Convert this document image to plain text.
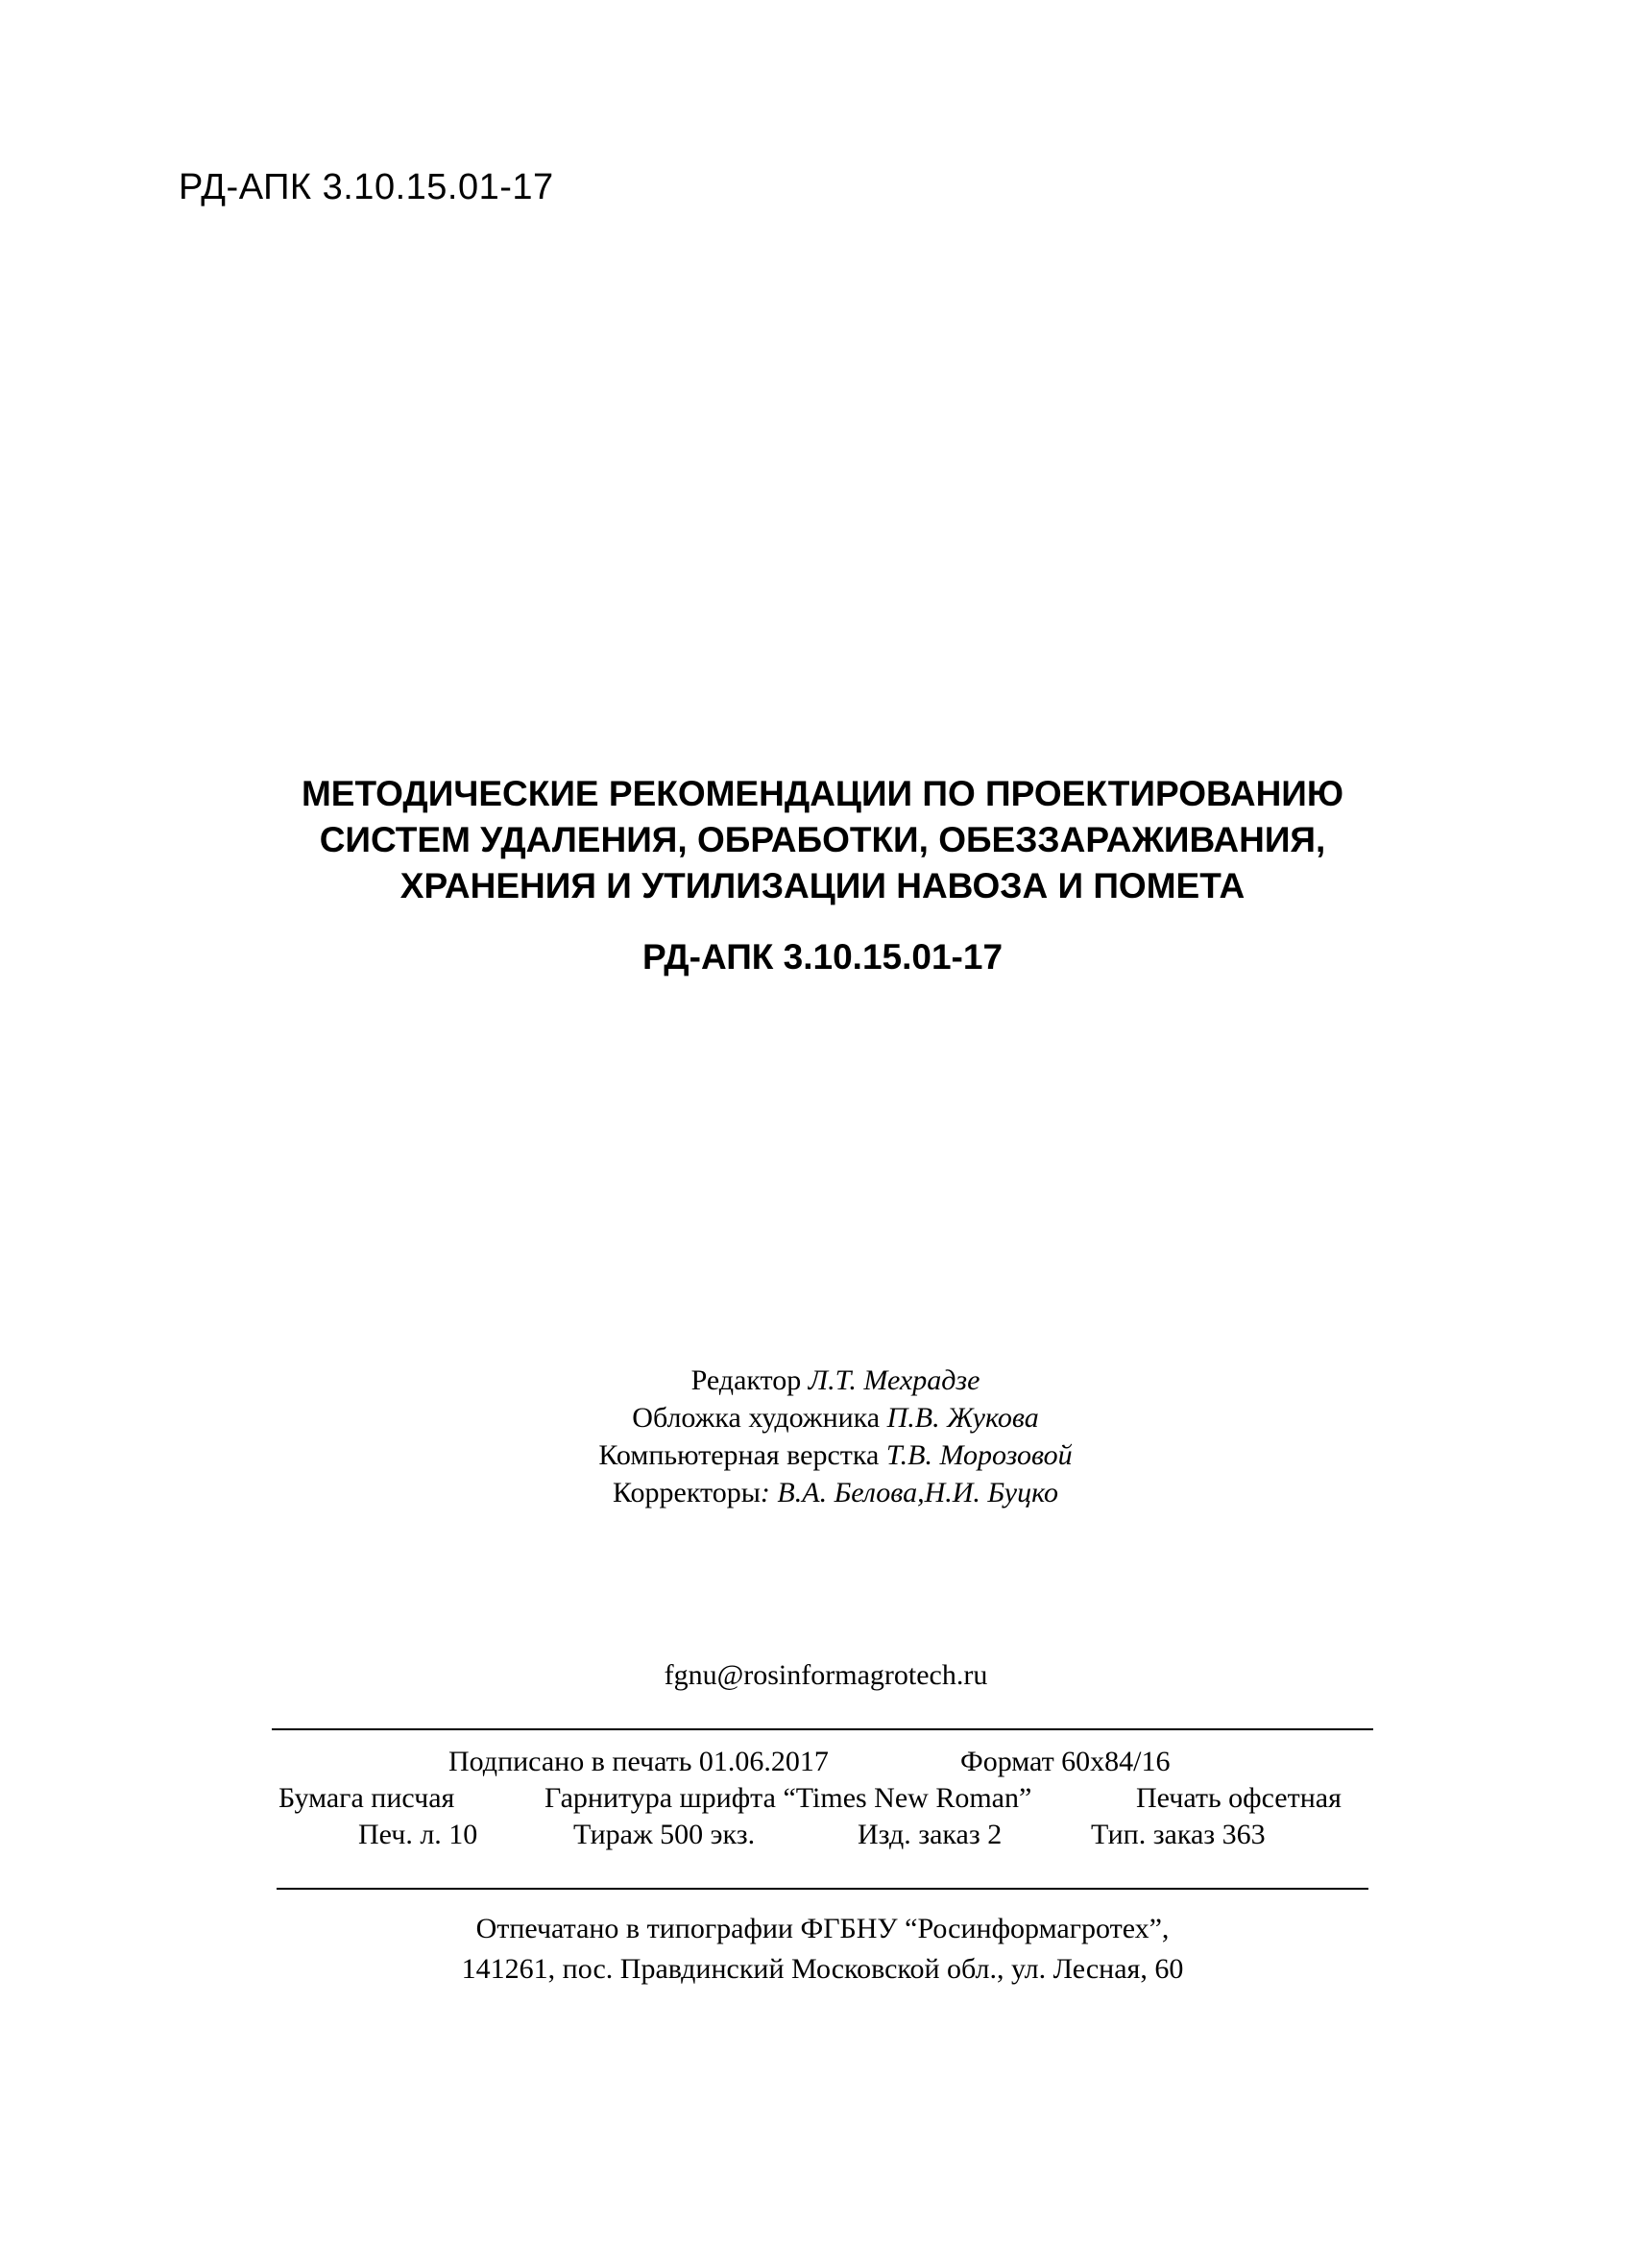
РД-АПК 3.10.15.01-17
МЕТОДИЧЕСКИЕ РЕКОМЕНДАЦИИ ПО ПРОЕКТИРОВАНИЮ
СИСТЕМ УДАЛЕНИЯ, ОБРАБОТКИ, ОБЕЗЗАРАЖИВАНИЯ,
ХРАНЕНИЯ И УТИЛИЗАЦИИ НАВОЗА И ПОМЕТА
РД-АПК 3.10.15.01-17
Редактор Л.Т. Мехрадзе
Обложка художника П.В. Жукова
Компьютерная верстка Т.В. Морозовой
Корректоры: В.А. Белова,Н.И. Буцко
fgnu@rosinformagrotech.ru
Подписано в печать 01.06.2017	Формат 60х84/16
Бумага писчая	Гарнитура шрифта “Times New Roman”	Печать офсетная
Печ. л. 10	Тираж 500 экз.	Изд. заказ 2	Тип. заказ 363
Отпечатано в типографии ФГБНУ “Росинформагротех”,
141261, пос. Правдинский Московской обл., ул. Лесная, 60
